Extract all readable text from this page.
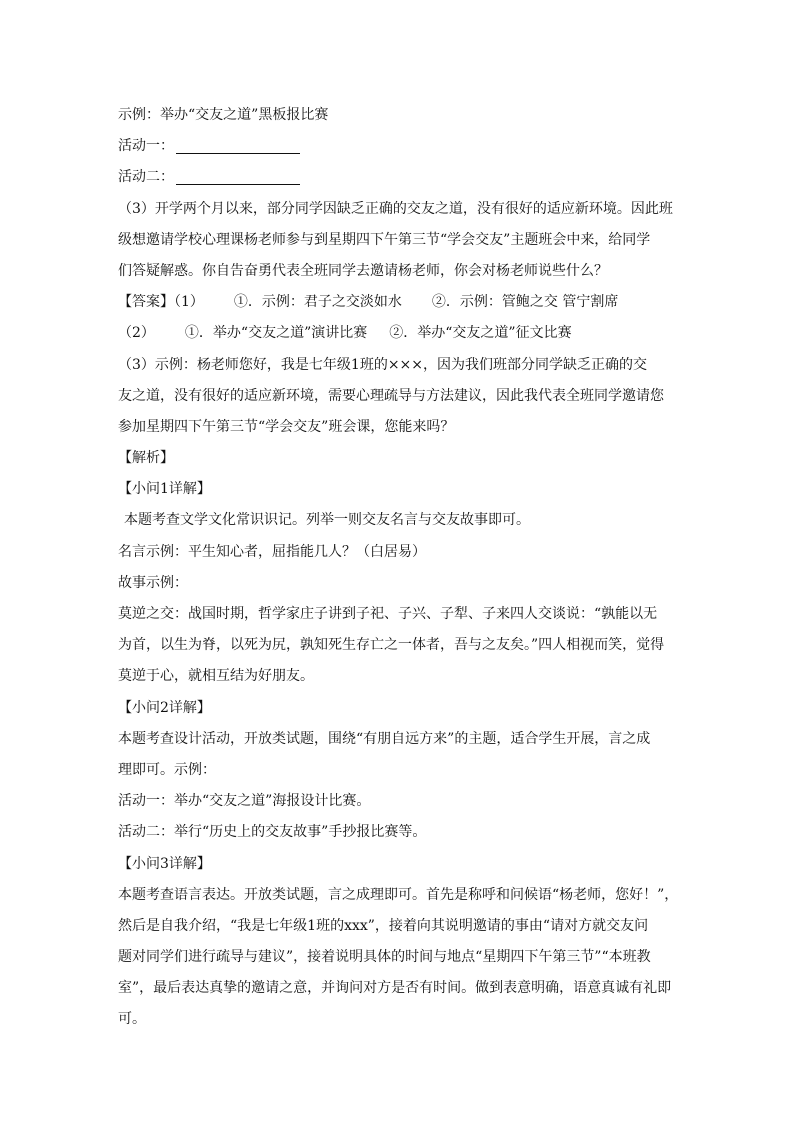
示例：举办“交友之道”黑板报比赛
活动一：
活动二：
（3）开学两个月以来，部分同学因缺乏正确的交友之道，没有很好的适应新环境。因此班
级想邀请学校心理课杨老师参与到星期四下午第三节“学会交友”主题班会中来，给同学
们答疑解惑。你自告奋勇代表全班同学去邀请杨老师，你会对杨老师说些什么？
【答案】（1） ①．示例：君子之交淡如水 ②．示例：管鲍之交 管宁割席
（2） ①．举办“交友之道”演讲比赛 ②．举办“交友之道”征文比赛
（3）示例：杨老师您好，我是七年级1班的×××，因为我们班部分同学缺乏正确的交
友之道，没有很好的适应新环境，需要心理疏导与方法建议，因此我代表全班同学邀请您
参加星期四下午第三节“学会交友”班会课，您能来吗？
【解析】
【小问1详解】
本题考查文学文化常识识记。列举一则交友名言与交友故事即可。
名言示例：平生知心者，屈指能几人？（白居易）
故事示例：
莫逆之交：战国时期，哲学家庄子讲到子祀、子兴、子犁、子来四人交谈说：“孰能以无
为首，以生为脊，以死为尻，孰知死生存亡之一体者，吾与之友矣。”四人相视而笑，觉得
莫逆于心，就相互结为好朋友。
【小问2详解】
本题考查设计活动，开放类试题，围绕“有朋自远方来”的主题，适合学生开展，言之成
理即可。示例：
活动一：举办“交友之道”海报设计比赛。
活动二：举行“历史上的交友故事”手抄报比赛等。
【小问3详解】
本题考查语言表达。开放类试题，言之成理即可。首先是称呼和问候语“杨老师，您好！”，
然后是自我介绍，“我是七年级1班的xxx”，接着向其说明邀请的事由“请对方就交友问
题对同学们进行疏导与建议”，接着说明具体的时间与地点“星期四下午第三节”“本班教
室”，最后表达真挚的邀请之意，并询问对方是否有时间。做到表意明确，语意真诚有礼即
可。
